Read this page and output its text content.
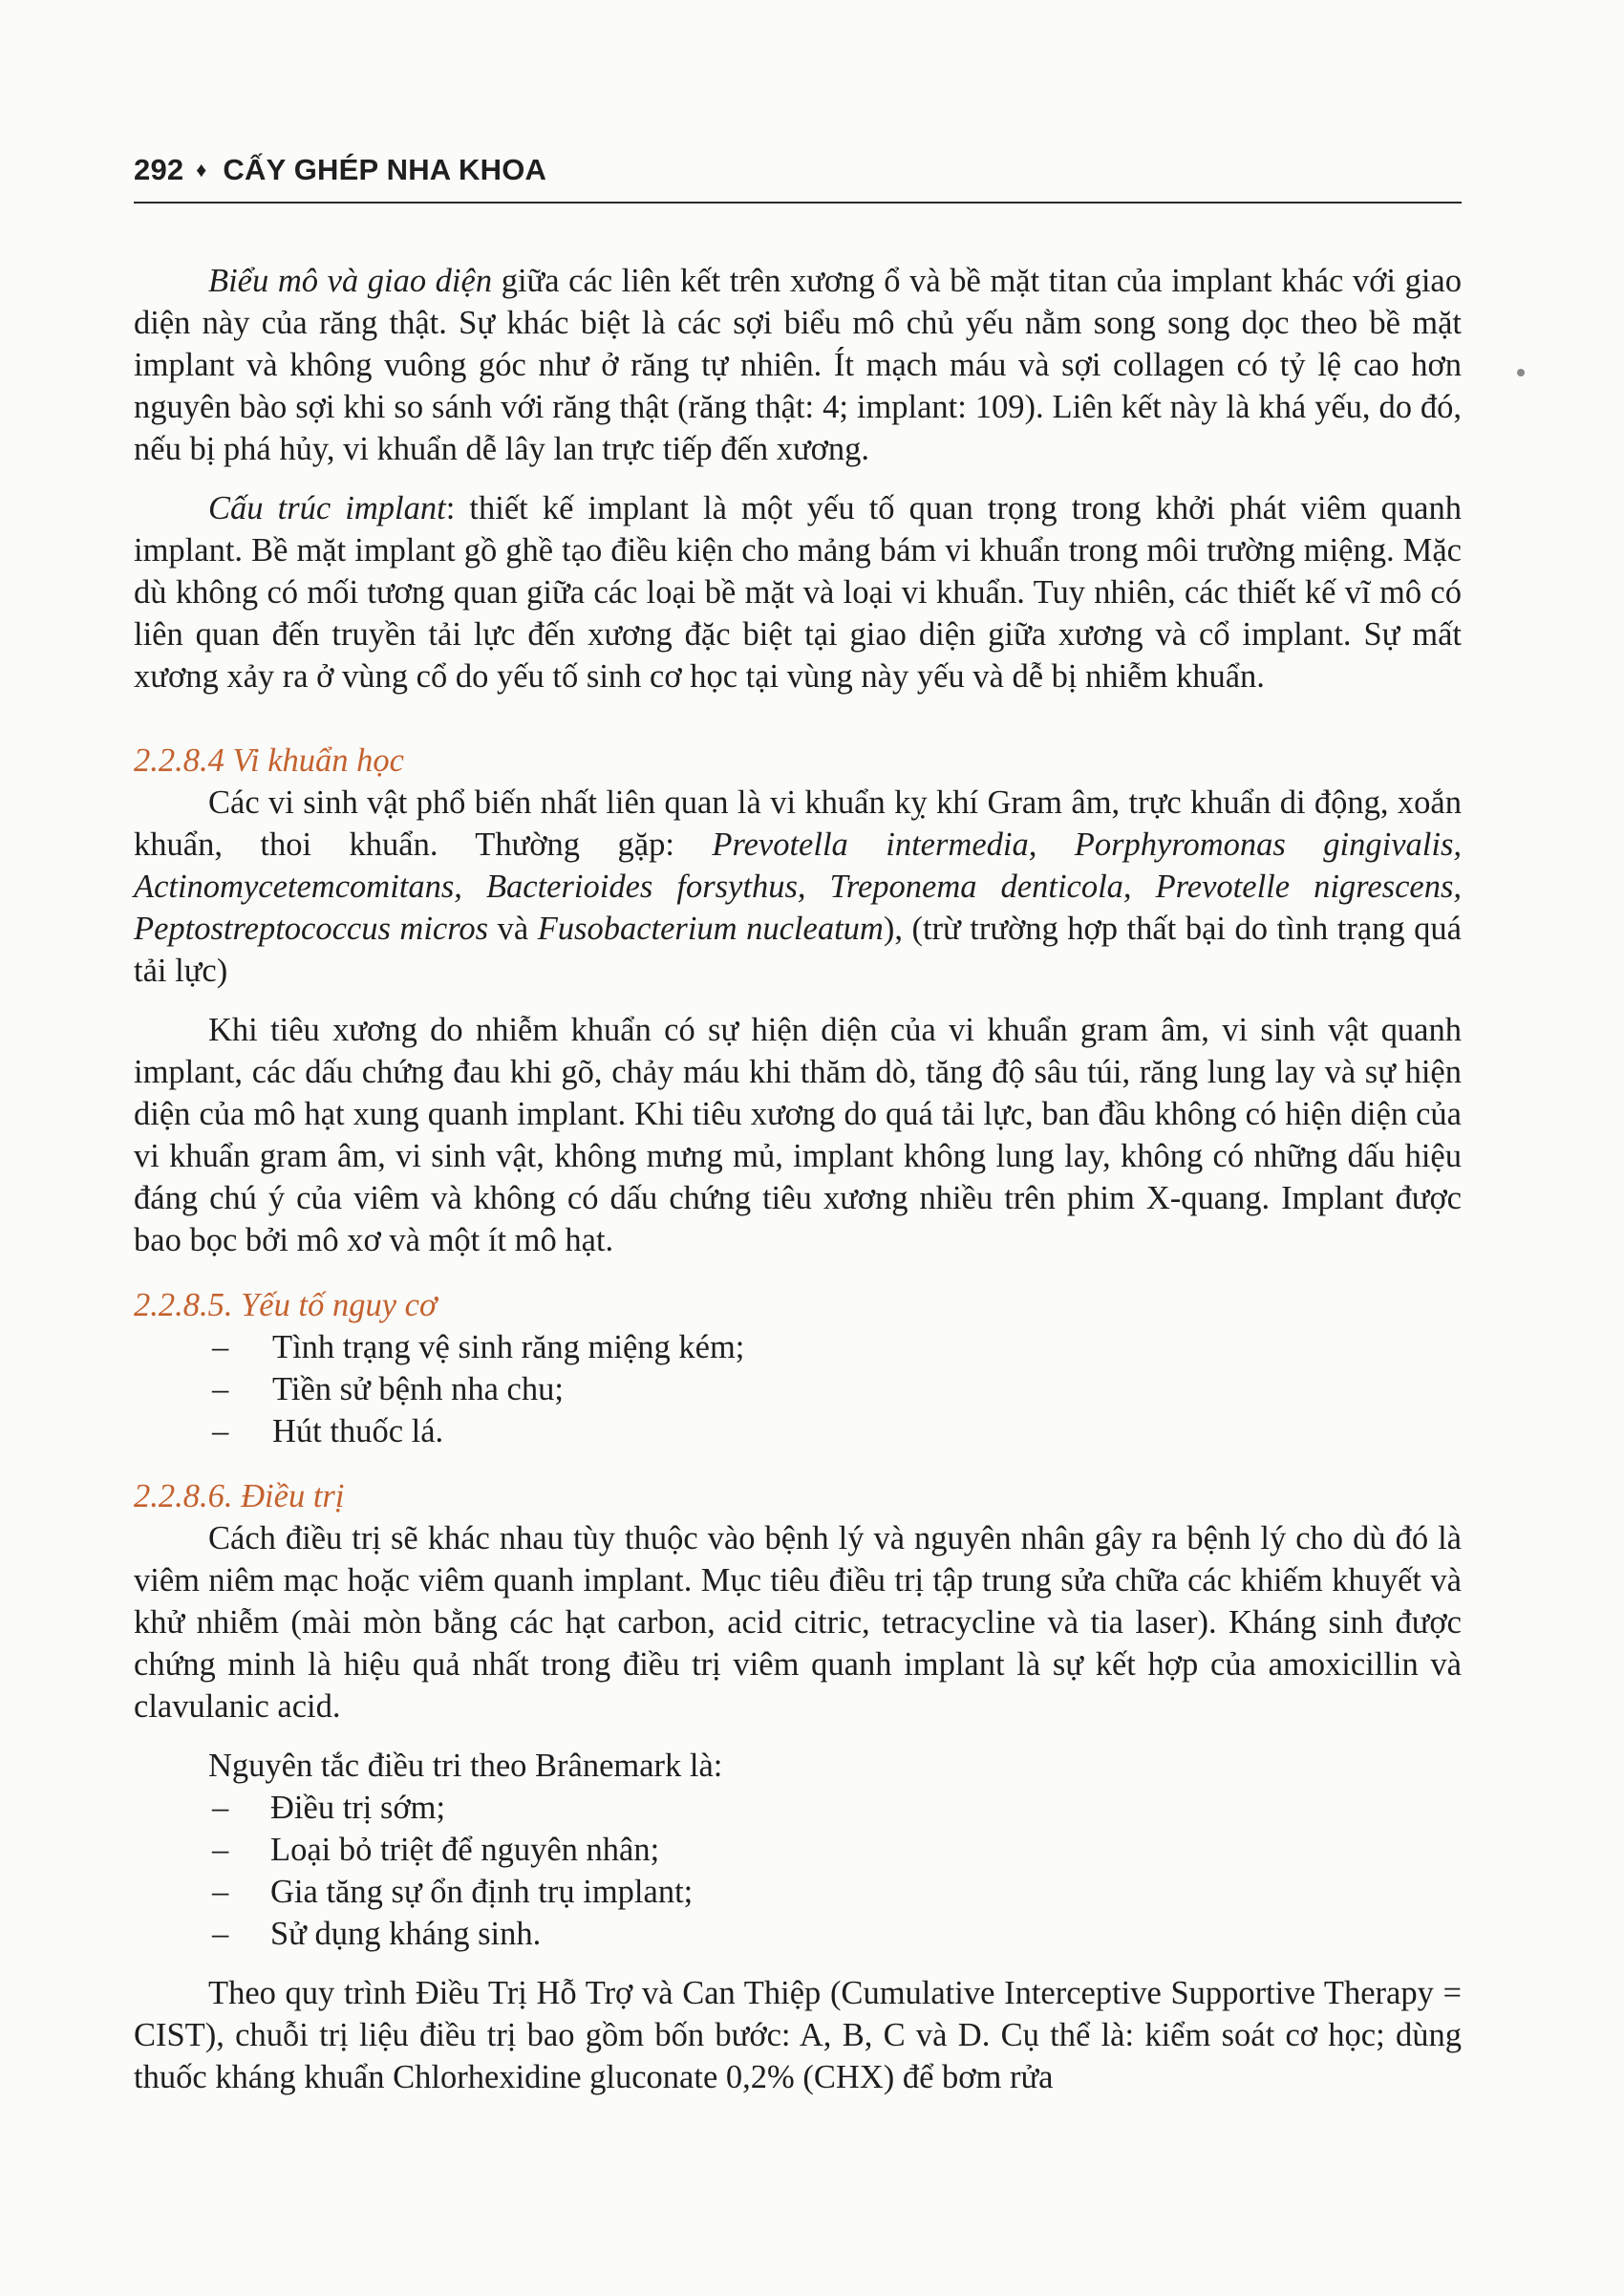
292 ♦ CẤY GHÉP NHA KHOA

Biểu mô và giao diện giữa các liên kết trên xương ổ và bề mặt titan của implant khác với giao diện này của răng thật. Sự khác biệt là các sợi biểu mô chủ yếu nằm song song dọc theo bề mặt implant và không vuông góc như ở răng tự nhiên. Ít mạch máu và sợi collagen có tỷ lệ cao hơn nguyên bào sợi khi so sánh với răng thật (răng thật: 4; implant: 109). Liên kết này là khá yếu, do đó, nếu bị phá hủy, vi khuẩn dễ lây lan trực tiếp đến xương.

Cấu trúc implant: thiết kế implant là một yếu tố quan trọng trong khởi phát viêm quanh implant. Bề mặt implant gồ ghề tạo điều kiện cho mảng bám vi khuẩn trong môi trường miệng. Mặc dù không có mối tương quan giữa các loại bề mặt và loại vi khuẩn. Tuy nhiên, các thiết kế vĩ mô có liên quan đến truyền tải lực đến xương đặc biệt tại giao diện giữa xương và cổ implant. Sự mất xương xảy ra ở vùng cổ do yếu tố sinh cơ học tại vùng này yếu và dễ bị nhiễm khuẩn.

2.2.8.4 Vi khuẩn học

Các vi sinh vật phổ biến nhất liên quan là vi khuẩn kỵ khí Gram âm, trực khuẩn di động, xoắn khuẩn, thoi khuẩn. Thường gặp: Prevotella intermedia, Porphyromonas gingivalis, Actinomycetemcomitans, Bacterioides forsythus, Treponema denticola, Prevotelle nigrescens, Peptostreptococcus micros và Fusobacterium nucleatum), (trừ trường hợp thất bại do tình trạng quá tải lực)

Khi tiêu xương do nhiễm khuẩn có sự hiện diện của vi khuẩn gram âm, vi sinh vật quanh implant, các dấu chứng đau khi gõ, chảy máu khi thăm dò, tăng độ sâu túi, răng lung lay và sự hiện diện của mô hạt xung quanh implant. Khi tiêu xương do quá tải lực, ban đầu không có hiện diện của vi khuẩn gram âm, vi sinh vật, không mưng mủ, implant không lung lay, không có những dấu hiệu đáng chú ý của viêm và không có dấu chứng tiêu xương nhiều trên phim X-quang. Implant được bao bọc bởi mô xơ và một ít mô hạt.

2.2.8.5. Yếu tố nguy cơ

– Tình trạng vệ sinh răng miệng kém;
– Tiền sử bệnh nha chu;
– Hút thuốc lá.

2.2.8.6. Điều trị

Cách điều trị sẽ khác nhau tùy thuộc vào bệnh lý và nguyên nhân gây ra bệnh lý cho dù đó là viêm niêm mạc hoặc viêm quanh implant. Mục tiêu điều trị tập trung sửa chữa các khiếm khuyết và khử nhiễm (mài mòn bằng các hạt carbon, acid citric, tetracycline và tia laser). Kháng sinh được chứng minh là hiệu quả nhất trong điều trị viêm quanh implant là sự kết hợp của amoxicillin và clavulanic acid.

Nguyên tắc điều tri theo Brânemark là:

– Điều trị sớm;
– Loại bỏ triệt để nguyên nhân;
– Gia tăng sự ổn định trụ implant;
– Sử dụng kháng sinh.

Theo quy trình Điều Trị Hỗ Trợ và Can Thiệp (Cumulative Interceptive Supportive Therapy = CIST), chuỗi trị liệu điều trị bao gồm bốn bước: A, B, C và D. Cụ thể là: kiểm soát cơ học; dùng thuốc kháng khuẩn Chlorhexidine gluconate 0,2% (CHX) để bơm rửa
